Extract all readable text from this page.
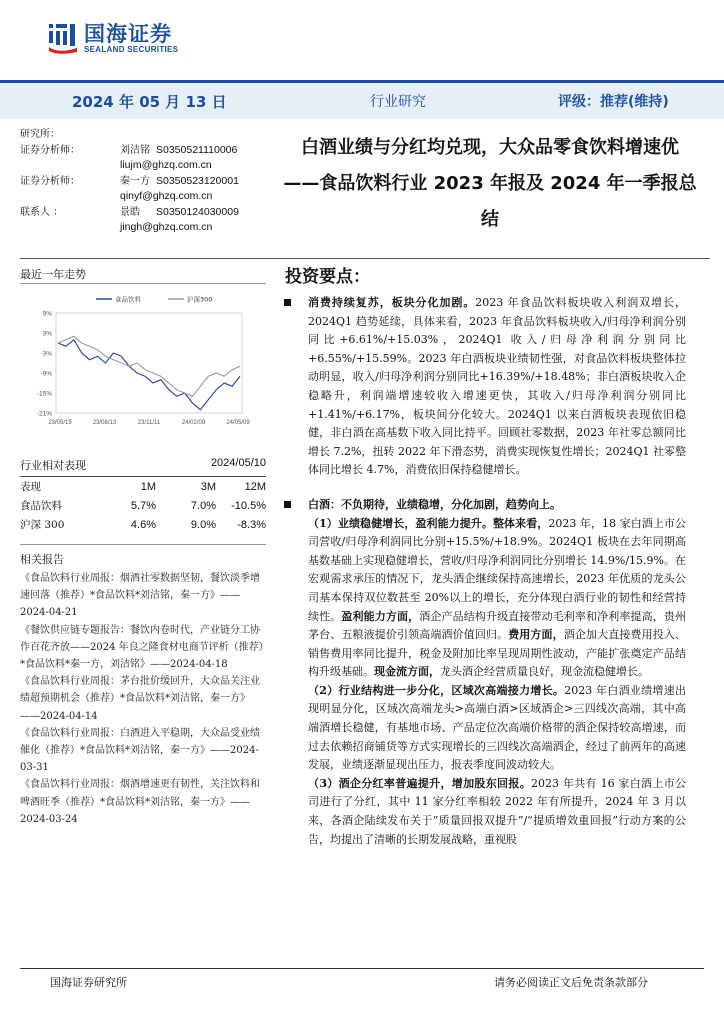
国海证券
SEALAND SECURITIES
2024 年 05 月 13 日	行业研究	评级：推荐(维持)
研究所：
证券分析师：	刘洁铭 S0350521110006
liujm@ghzq.com.cn
证券分析师：	秦一方 S0350523120001
qinyf@ghzq.com.cn
联系人 ：	景皓	S0350124030009
jingh@ghzq.com.cn
白酒业绩与分红均兑现，大众品零食饮料增速优
——食品饮料行业 2023 年报及 2024 年一季报总
结
最近一年走势
9%
3%
-3%
-9%
-15%
-21%
23/05/15	23/08/13	23/11/11	24/02/09	24/05/09
食品饮料	沪深300
行业相对表现	2024/05/10
表现	1M	3M	12M
食品饮料	5.7%	7.0%	-10.5%
沪深 300	4.6%	9.0%	-8.3%
相关报告
《食品饮料行业周报：烟酒社零数据坚韧，餐饮淡季增速回落（推荐）*食品饮料*刘洁铭，秦一方》——2024-04-21
《餐饮供应链专题报告：餐饮内卷时代，产业链分工协作百花齐放——2024 年良之隆食材电商节评析（推荐）*食品饮料*秦一方，刘洁铭》——2024-04-18
《食品饮料行业周报：茅台批价缓回升，大众品关注业绩超预期机会（推荐）*食品饮料*刘洁铭，秦一方》——2024-04-14
《食品饮料行业周报：白酒进入平稳期，大众品受业绩催化（推荐）*食品饮料*刘洁铭，秦一方》——2024-03-31
《食品饮料行业周报：烟酒增速更有韧性，关注饮料和啤酒旺季（推荐）*食品饮料*刘洁铭，秦一方》——2024-03-24
投资要点：
消费持续复苏，板块分化加剧。2023 年食品饮料板块收入利润双增长，2024Q1 趋势延续，具体来看，2023 年食品饮料板块收入/归母净利润分别同比+6.61%/+15.03%，2024Q1 收入/归母净利润分别同比+6.55%/+15.59%。2023 年白酒板块业绩韧性强，对食品饮料板块整体拉动明显，收入/归母净利润分别同比+16.39%/+18.48%；非白酒板块收入企稳略升，利润端增速较收入增速更快，其收入/归母净利润分别同比+1.41%/+6.17%，板块间分化较大。2024Q1 以来白酒板块表现依旧稳健，非白酒在高基数下收入同比持平。回顾社零数据，2023 年社零总额同比增长 7.2%，扭转 2022 年下滑态势，消费实现恢复性增长；2024Q1 社零整体同比增长 4.7%，消费依旧保持稳健增长。
白酒：不负期待，业绩稳增，分化加剧，趋势向上。
（1）业绩稳健增长，盈利能力提升。整体来看，2023 年，18 家白酒上市公司营收/归母净利润同比分别+15.5%/+18.9%。2024Q1 板块在去年同期高基数基础上实现稳健增长，营收/归母净利润同比分别增长 14.9%/15.9%。在宏观需求承压的情况下，龙头酒企继续保持高速增长，2023 年优质的龙头公司基本保持双位数甚至 20%以上的增长，充分体现白酒行业的韧性和经营持续性。盈利能力方面，酒企产品结构升级直接带动毛利率和净利率提高，贵州茅台、五粮液提价引领高端酒价值回归。费用方面，酒企加大直接费用投入、销售费用率同比提升，税金及附加比率呈现周期性波动，产能扩张奠定产品结构升级基础。现金流方面，龙头酒企经营质量良好，现金流稳健增长。
（2）行业结构进一步分化，区域次高端接力增长。2023 年白酒业绩增速出现明显分化，区域次高端龙头>高端白酒>区域酒企>三四线次高端，其中高端酒增长稳健，有基地市场、产品定位次高端价格带的酒企保持较高增速，而过去依赖招商铺货等方式实现增长的三四线次高端酒企，经过了前两年的高速发展，业绩逐渐显现出压力，报表季度间波动较大。
（3）酒企分红率普遍提升，增加股东回报。2023 年共有 16 家白酒上市公司进行了分红，其中 11 家分红率相较 2022 年有所提升，2024 年 3 月以来，各酒企陆续发布关于“质量回报双提升”/“提质增效重回报”行动方案的公告，均提出了清晰的长期发展战略，重视股
国海证券研究所	请务必阅读正文后免责条款部分
